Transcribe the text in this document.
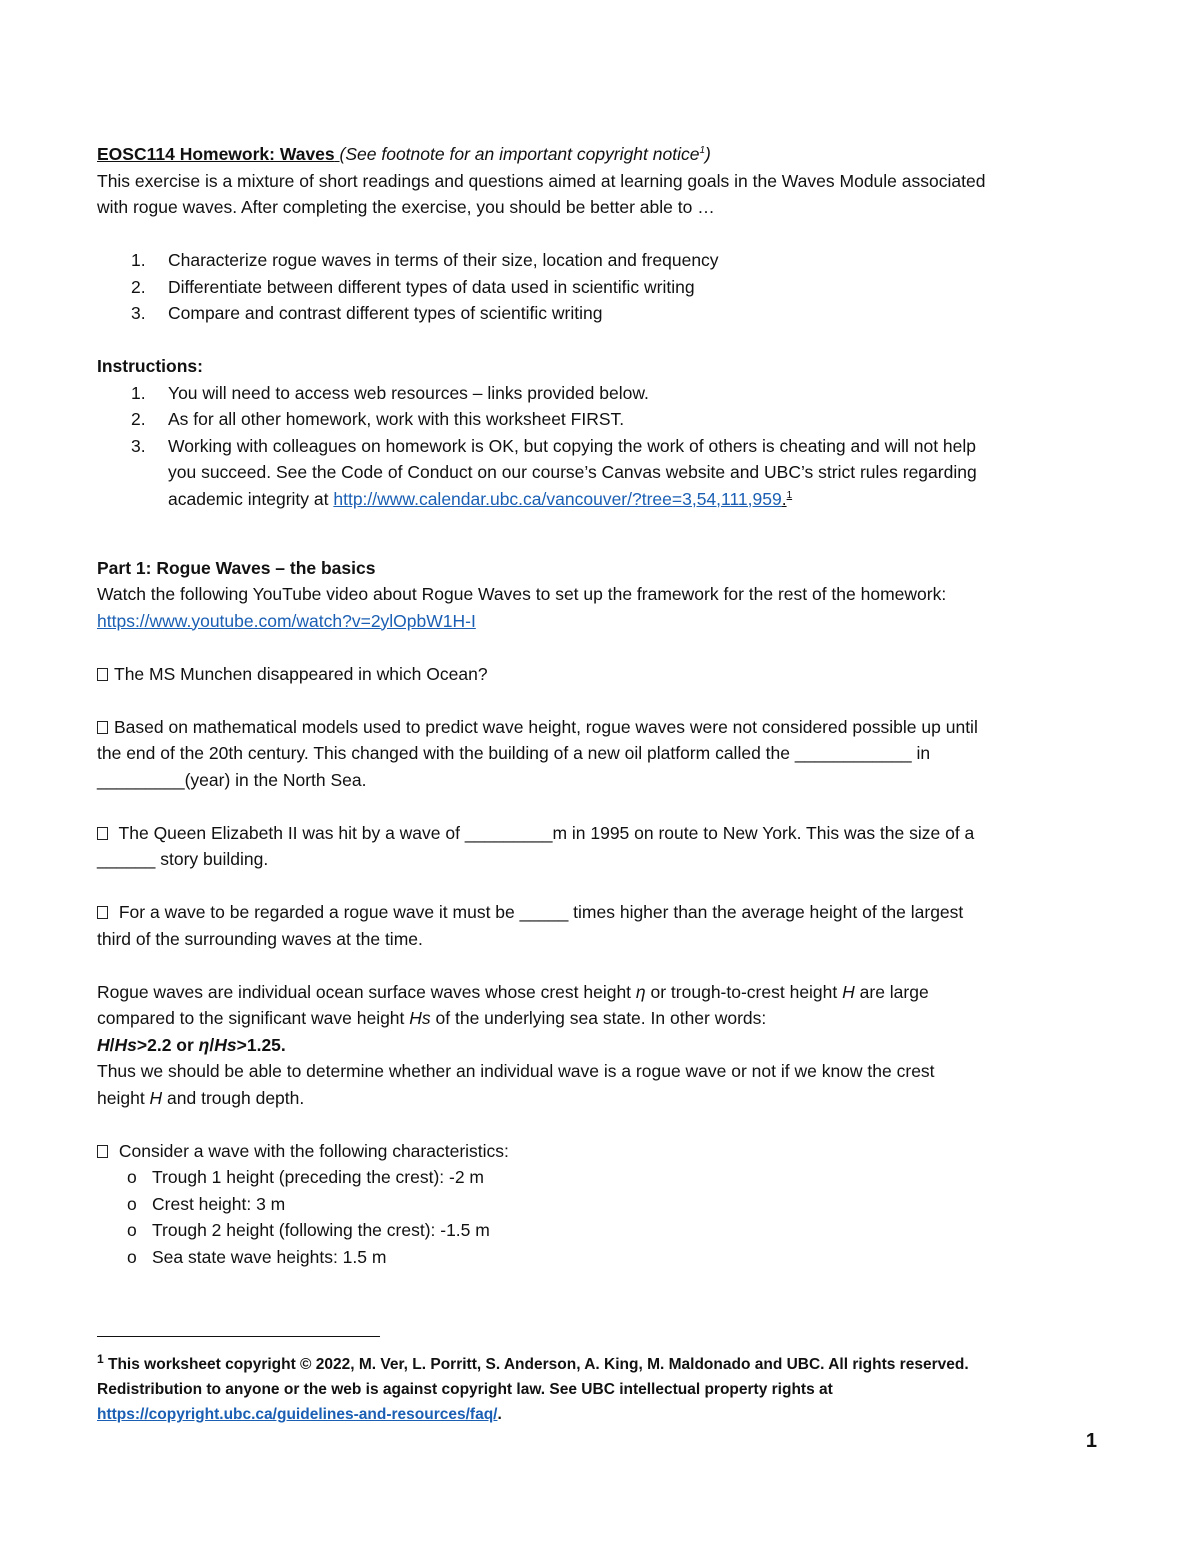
EOSC114 Homework: Waves (See footnote for an important copyright notice$^1$)

This exercise is a mixture of short readings and questions aimed at learning goals in the Waves Module associated

with rogue waves. After completing the exercise, you should be better able to …

1. Characterize rogue waves in terms of their size, location and frequency
2. Differentiate between different types of data used in scientific writing
3. Compare and contrast different types of scientific writing

Instructions:

1. You will need to access web resources – links provided below.
2. As for all other homework, work with this worksheet FIRST.
3. Working with colleagues on homework is OK, but copying the work of others is cheating and will not help
you succeed. See the Code of Conduct on our course’s Canvas website and UBC’s strict rules regarding
academic integrity at http://www.calendar.ubc.ca/vancouver/?tree=3,54,111,959.$^1$

Part 1: Rogue Waves – the basics

Watch the following YouTube video about Rogue Waves to set up the framework for the rest of the homework:

https://www.youtube.com/watch?v=2ylOpbW1H-I

The MS Munchen disappeared in which Ocean?

Based on mathematical models used to predict wave height, rogue waves were not considered possible up until

the end of the 20th century. This changed with the building of a new oil platform called the ____________ in

_________(year) in the North Sea.

The Queen Elizabeth II was hit by a wave of _________m in 1995 on route to New York. This was the size of a

______ story building.

For a wave to be regarded a rogue wave it must be _____ times higher than the average height of the largest

third of the surrounding waves at the time.

Rogue waves are individual ocean surface waves whose crest height η or trough-to-crest height H are large

compared to the significant wave height Hs of the underlying sea state. In other words:

H/Hs>2.2 or η/Hs>1.25.

Thus we should be able to determine whether an individual wave is a rogue wave or not if we know the crest

height H and trough depth.

Consider a wave with the following characteristics:

o Trough 1 height (preceding the crest): -2 m
o Crest height: 3 m
o Trough 2 height (following the crest): -1.5 m
o Sea state wave heights: 1.5 m

$^1$ This worksheet copyright © 2022, M. Ver, L. Porritt, S. Anderson, A. King, M. Maldonado and UBC. All rights reserved.

Redistribution to anyone or the web is against copyright law. See UBC intellectual property rights at

https://copyright.ubc.ca/guidelines-and-resources/faq/.

1
